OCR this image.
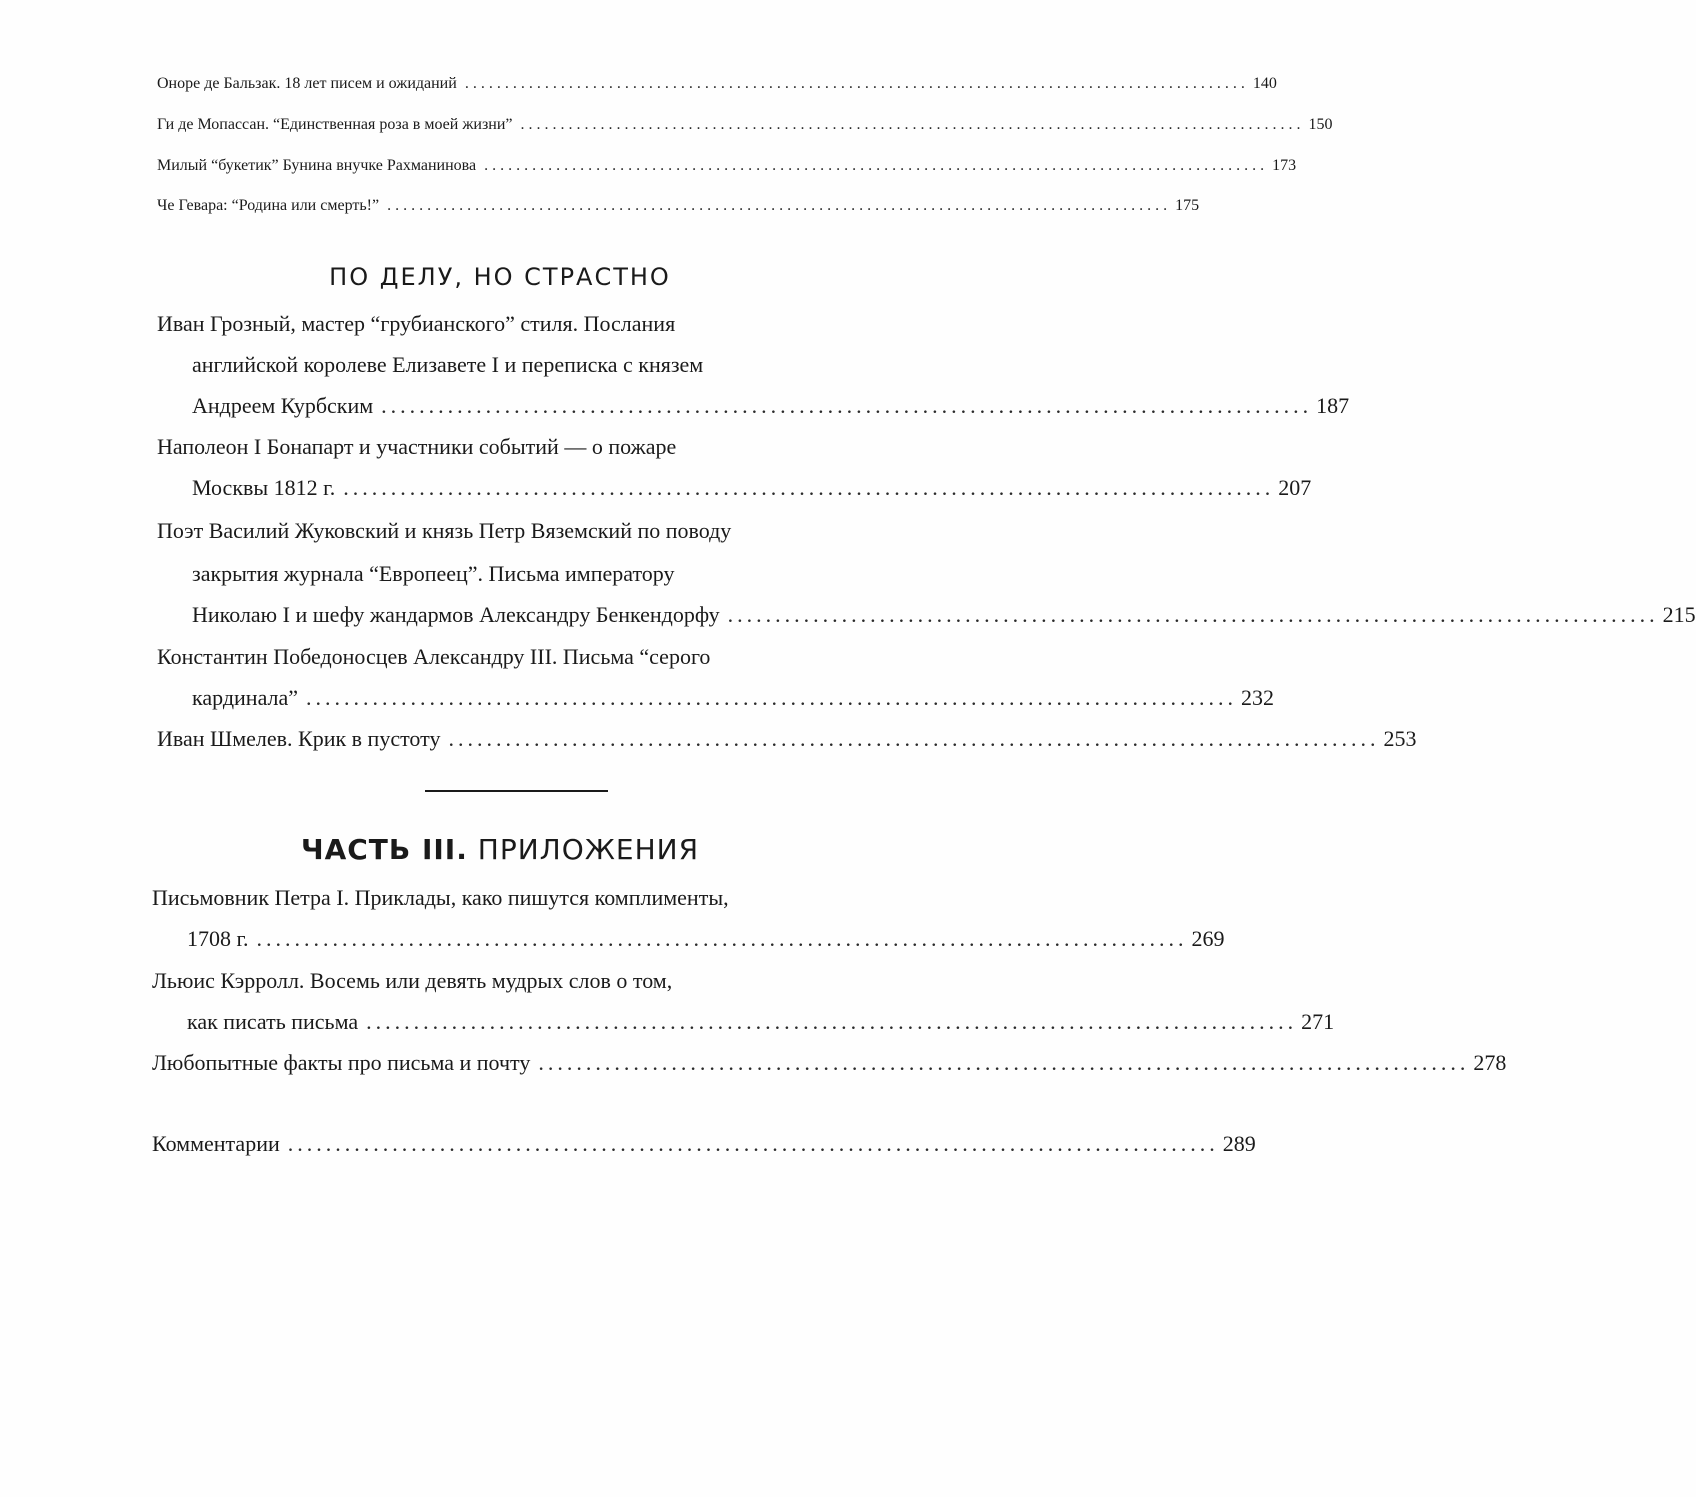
Оноре де Бальзак. 18 лет писем и ожиданий .................................................................................................. 140
Ги де Мопассан. “Единственная роза в моей жизни” .................................................................................................. 150
Милый “букетик” Бунина внучке Рахманинова .................................................................................................. 173
Че Гевара: “Родина или смерть!” .................................................................................................. 175
ПО ДЕЛУ, НО СТРАСТНО
Иван Грозный, мастер “грубианского” стиля. Послания
английской королеве Елизавете I и переписка с князем
Андреем Курбским .................................................................................................. 187
Наполеон I Бонапарт и участники событий — о пожаре
Москвы 1812 г. .................................................................................................. 207
Поэт Василий Жуковский и князь Петр Вяземский по поводу
закрытия журнала “Европеец”. Письма императору
Николаю I и шефу жандармов Александру Бенкендорфу .................................................................................................. 215
Константин Победоносцев Александру III. Письма “серого
кардинала” .................................................................................................. 232
Иван Шмелев. Крик в пустоту .................................................................................................. 253
ЧАСТЬ III. ПРИЛОЖЕНИЯ
Письмовник Петра I. Приклады, како пишутся комплименты,
1708 г. .................................................................................................. 269
Льюис Кэрролл. Восемь или девять мудрых слов о том,
как писать письма .................................................................................................. 271
Любопытные факты про письма и почту .................................................................................................. 278
Комментарии .................................................................................................. 289
